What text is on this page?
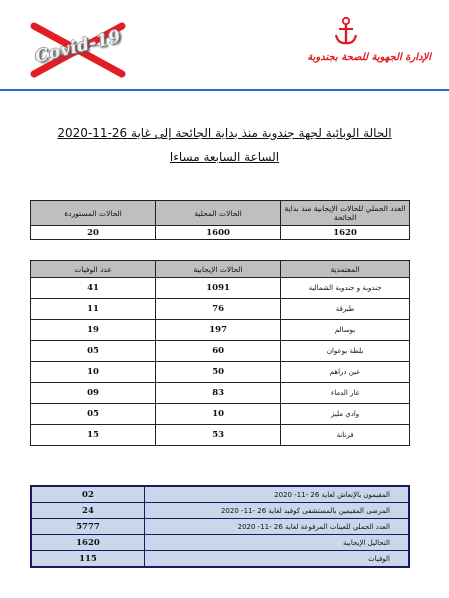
Covid-19	الإدارة الجهوية للصحة بجندوبة
الحالة الوبائية لجهة جندوبة منذ بداية الجائحة إلى غاية 26-11-2020
الساعة السابعة مساءا
العدد الجملي للحالات الإيجابية منذ بداية الجائحة	الحالات المحلية	الحالات المستوردة
1620	1600	20
المعتمدية	الحالات الإيجابية	عدد الوفيات
جندوبة و جندوبة الشمالية	1091	41
طبرقة	76	11
بوسالم	197	19
بلطة بوعوان	60	05
عين دراهم	50	10
غار الدماء	83	09
وادي مليز	10	05
فرنانة	53	15
المقيمون بالإنعاش لغاية 26 -11- 2020	02
المرضى المقيمين بالمستشفى كوفيد لغاية 26 -11- 2020	24
العدد الجملي للعينات المرفوعة لغاية 26 -11- 2020	5777
التحاليل الإيجابية	1620
الوفيات	115
